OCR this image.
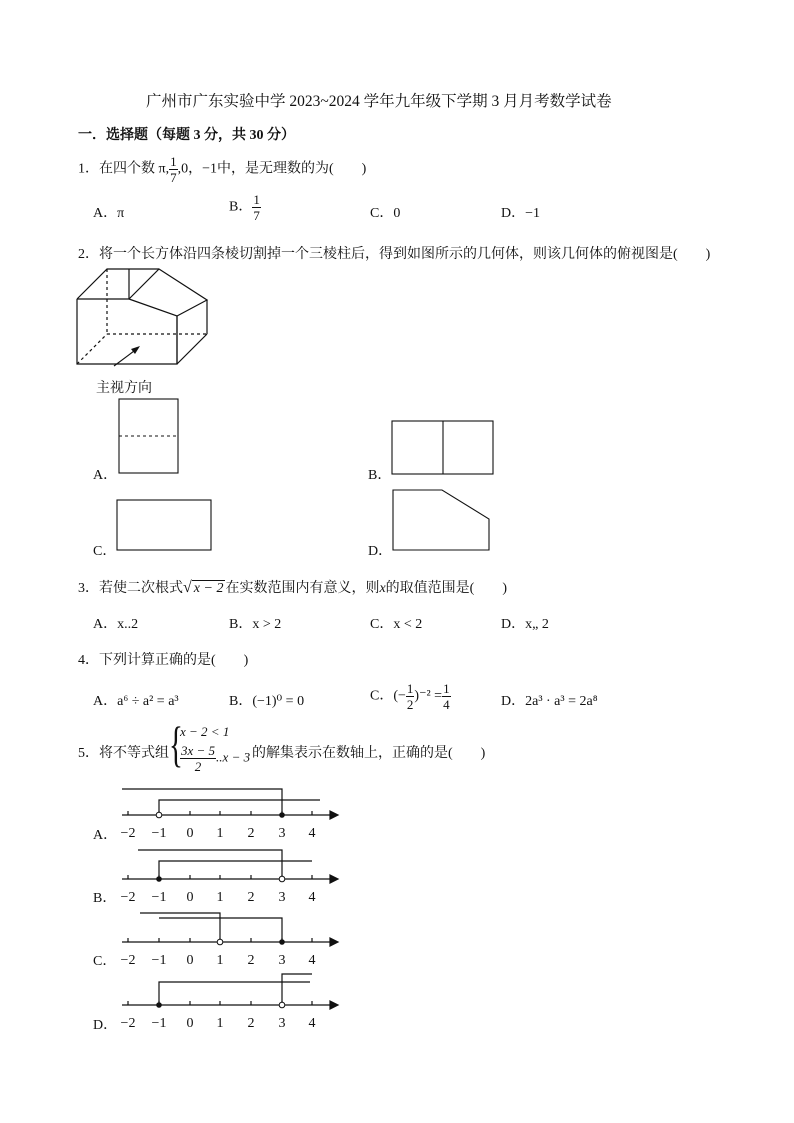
广州市广东实验中学 2023~2024 学年九年级下学期 3 月月考数学试卷
一．选择题（每题 3 分，共 30 分）
1．在四个数 π, $\frac{1}{7} ,0$，−1中，是无理数的为(　　)
A．π	B． $\frac{1}{7}$	C．0	D．−1
2．将一个长方体沿四条棱切割掉一个三棱柱后，得到如图所示的几何体，则该几何体的俯视图是(　　)
主视方向
A．	B．
C．	D．
3．若使二次根式√ x − 2 在实数范围内有意义，则x的取值范围是(　　)
A．x..2	B．x > 2	C．x < 2	D．x„ 2
4．下列计算正确的是(　　)
A．a⁶ ÷ a² = a³	B．(−1)⁰ = 0	C．(− $\frac{1}{2} )^{-2} = \frac{1}{4}$	D．2a³ · a³ = 2a⁸
5．将不等式组 {
x − 2 < 1
$\frac{3x - 5}{2} ..x - 3$ 的解集表示在数轴上，正确的是(　　)
A． −2 −1 0 1 2 3 4
B． −2 −1 0 1 2 3 4
C． −2 −1 0 1 2 3 4
D． −2 −1 0 1 2 3 4
